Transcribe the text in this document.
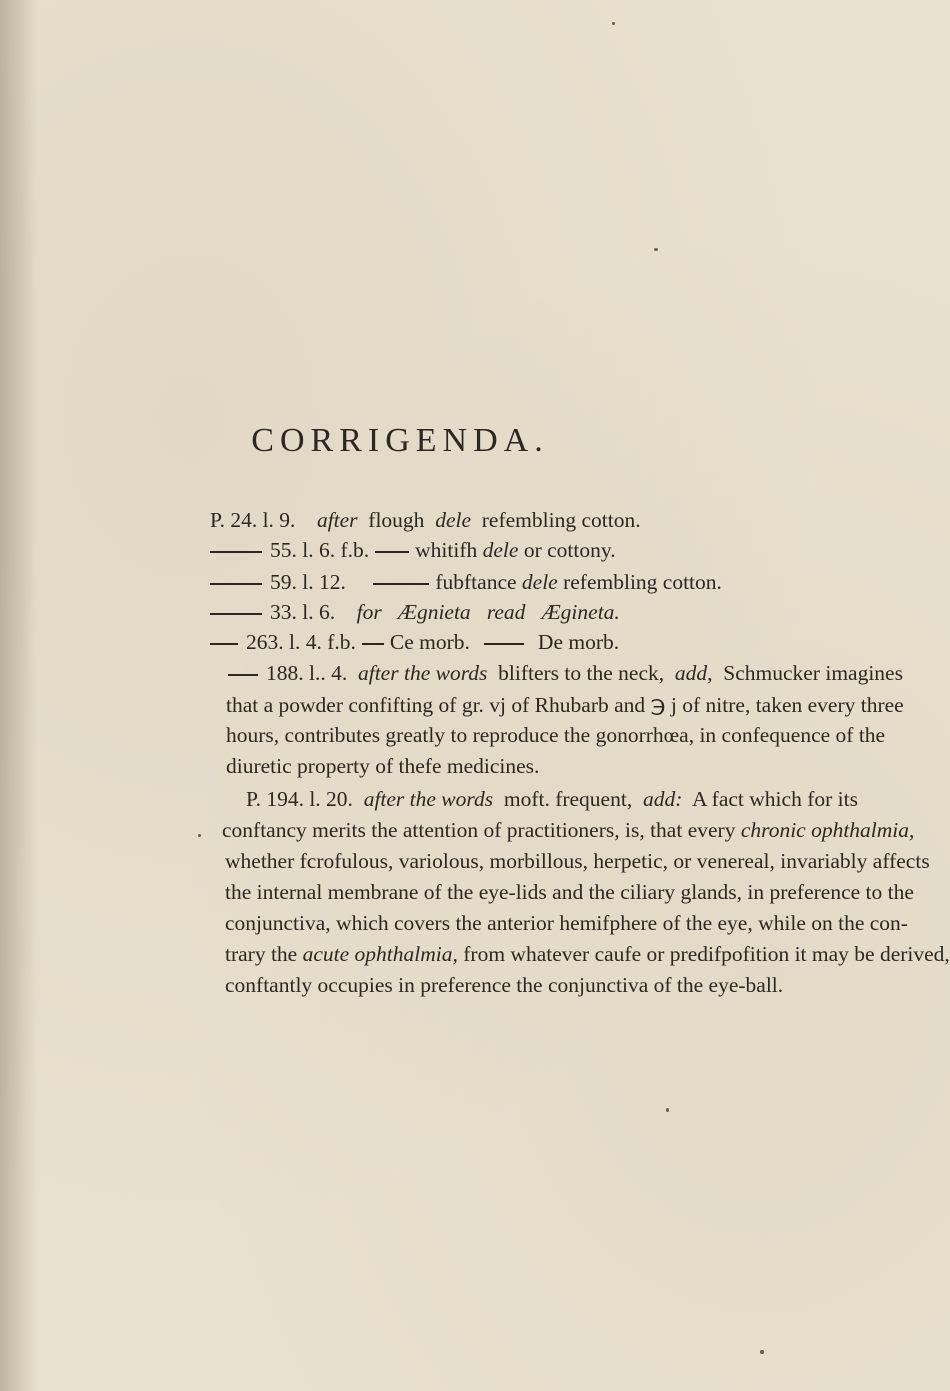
CORRIGENDA.
P. 24. l. 9. after flough dele refembling cotton.
55. l. 6. f.b. whitifh dele or cottony.
59. l. 12.	fubftance dele refembling cotton.
33. l. 6. for Ægnieta read Ægineta.
263. l. 4. f.b. Ce morb.	De morb.
188. l.. 4. after the words blifters to the neck, add, Schmucker imagines
that a powder confifting of gr. vj of Rhubarb and ℈ j of nitre, taken every three
hours, contributes greatly to reproduce the gonorrhœa, in confequence of the
diuretic property of thefe medicines.
P. 194. l. 20. after the words moft. frequent, add: A fact which for its
conftancy merits the attention of practitioners, is, that every chronic ophthalmia,
whether fcrofulous, variolous, morbillous, herpetic, or venereal, invariably affects
the internal membrane of the eye-lids and the ciliary glands, in preference to the
conjunctiva, which covers the anterior hemifphere of the eye, while on the con-
trary the acute ophthalmia, from whatever caufe or predifpofition it may be derived,
conftantly occupies in preference the conjunctiva of the eye-ball.
